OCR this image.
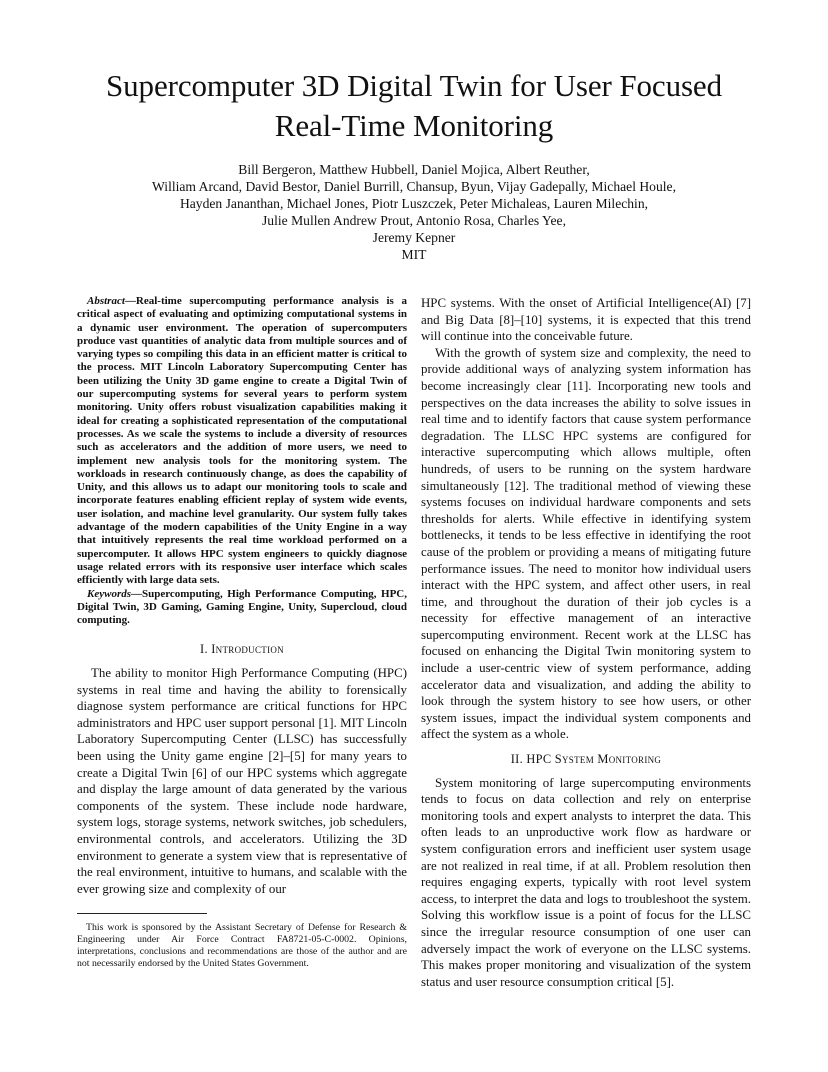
Supercomputer 3D Digital Twin for User Focused
Real-Time Monitoring
Bill Bergeron, Matthew Hubbell, Daniel Mojica, Albert Reuther,
William Arcand, David Bestor, Daniel Burrill, Chansup, Byun, Vijay Gadepally, Michael Houle,
Hayden Jananthan, Michael Jones, Piotr Luszczek, Peter Michaleas, Lauren Milechin,
Julie Mullen Andrew Prout, Antonio Rosa, Charles Yee,
Jeremy Kepner
MIT

Abstract—Real-time supercomputing performance analysis is a critical aspect of evaluating and optimizing computational systems in a dynamic user environment. The operation of supercomputers produce vast quantities of analytic data from multiple sources and of varying types so compiling this data in an efficient matter is critical to the process. MIT Lincoln Laboratory Supercomputing Center has been utilizing the Unity 3D game engine to create a Digital Twin of our supercomputing systems for several years to perform system monitoring. Unity offers robust visualization capabilities making it ideal for creating a sophisticated representation of the computational processes. As we scale the systems to include a diversity of resources such as accelerators and the addition of more users, we need to implement new analysis tools for the monitoring system. The workloads in research continuously change, as does the capability of Unity, and this allows us to adapt our monitoring tools to scale and incorporate features enabling efficient replay of system wide events, user isolation, and machine level granularity. Our system fully takes advantage of the modern capabilities of the Unity Engine in a way that intuitively represents the real time workload performed on a supercomputer. It allows HPC system engineers to quickly diagnose usage related errors with its responsive user interface which scales efficiently with large data sets.

Keywords—Supercomputing, High Performance Computing, HPC, Digital Twin, 3D Gaming, Gaming Engine, Unity, Supercloud, cloud computing.

I. Introduction

The ability to monitor High Performance Computing (HPC) systems in real time and having the ability to forensically diagnose system performance are critical functions for HPC administrators and HPC user support personal [1]. MIT Lincoln Laboratory Supercomputing Center (LLSC) has successfully been using the Unity game engine [2]–[5] for many years to create a Digital Twin [6] of our HPC systems which aggregate and display the large amount of data generated by the various components of the system. These include node hardware, system logs, storage systems, network switches, job schedulers, environmental controls, and accelerators. Utilizing the 3D environment to generate a system view that is representative of the real environment, intuitive to humans, and scalable with the ever growing size and complexity of our

This work is sponsored by the Assistant Secretary of Defense for Research & Engineering under Air Force Contract FA8721-05-C-0002. Opinions, interpretations, conclusions and recommendations are those of the author and are not necessarily endorsed by the United States Government.

HPC systems. With the onset of Artificial Intelligence(AI) [7] and Big Data [8]–[10] systems, it is expected that this trend will continue into the conceivable future.

With the growth of system size and complexity, the need to provide additional ways of analyzing system information has become increasingly clear [11]. Incorporating new tools and perspectives on the data increases the ability to solve issues in real time and to identify factors that cause system performance degradation. The LLSC HPC systems are configured for interactive supercomputing which allows multiple, often hundreds, of users to be running on the system hardware simultaneously [12]. The traditional method of viewing these systems focuses on individual hardware components and sets thresholds for alerts. While effective in identifying system bottlenecks, it tends to be less effective in identifying the root cause of the problem or providing a means of mitigating future performance issues. The need to monitor how individual users interact with the HPC system, and affect other users, in real time, and throughout the duration of their job cycles is a necessity for effective management of an interactive supercomputing environment. Recent work at the LLSC has focused on enhancing the Digital Twin monitoring system to include a user-centric view of system performance, adding accelerator data and visualization, and adding the ability to look through the system history to see how users, or other system issues, impact the individual system components and affect the system as a whole.

II. HPC System Monitoring

System monitoring of large supercomputing environments tends to focus on data collection and rely on enterprise monitoring tools and expert analysts to interpret the data. This often leads to an unproductive work flow as hardware or system configuration errors and inefficient user system usage are not realized in real time, if at all. Problem resolution then requires engaging experts, typically with root level system access, to interpret the data and logs to troubleshoot the system. Solving this workflow issue is a point of focus for the LLSC since the irregular resource consumption of one user can adversely impact the work of everyone on the LLSC systems. This makes proper monitoring and visualization of the system status and user resource consumption critical [5].
